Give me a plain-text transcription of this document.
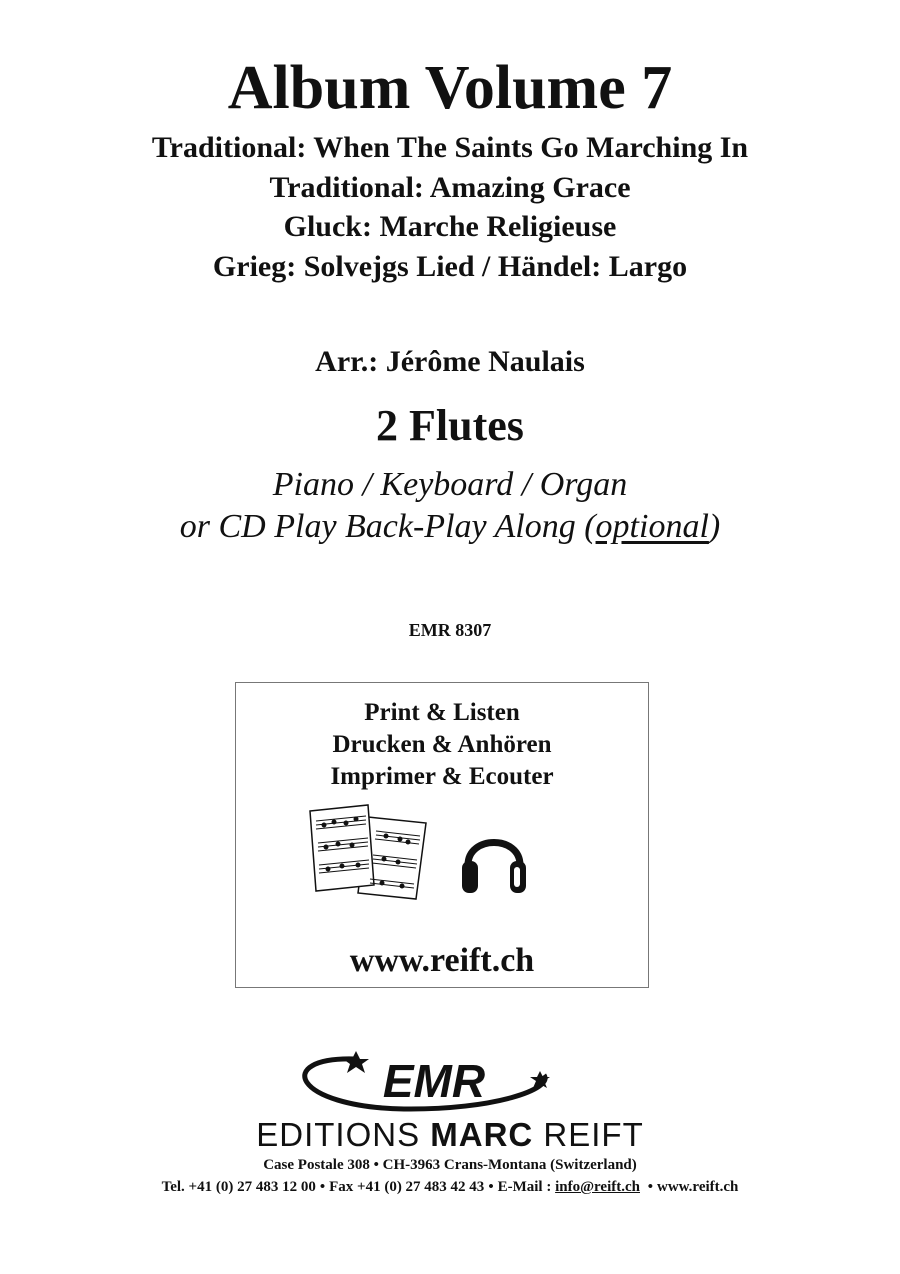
Album Volume 7
Traditional: When The Saints Go Marching In
Traditional: Amazing Grace
Gluck: Marche Religieuse
Grieg: Solvejgs Lied / Händel: Largo
Arr.: Jérôme Naulais
2 Flutes
Piano / Keyboard / Organ
or CD Play Back-Play Along (optional)
EMR 8307
Print & Listen
Drucken & Anhören
Imprimer & Ecouter
www.reift.ch
EMR
EDITIONS MARC REIFT
Case Postale 308 • CH-3963 Crans-Montana (Switzerland)
Tel. +41 (0) 27 483 12 00 • Fax +41 (0) 27 483 42 43 • E-Mail : info@reift.ch • www.reift.ch
